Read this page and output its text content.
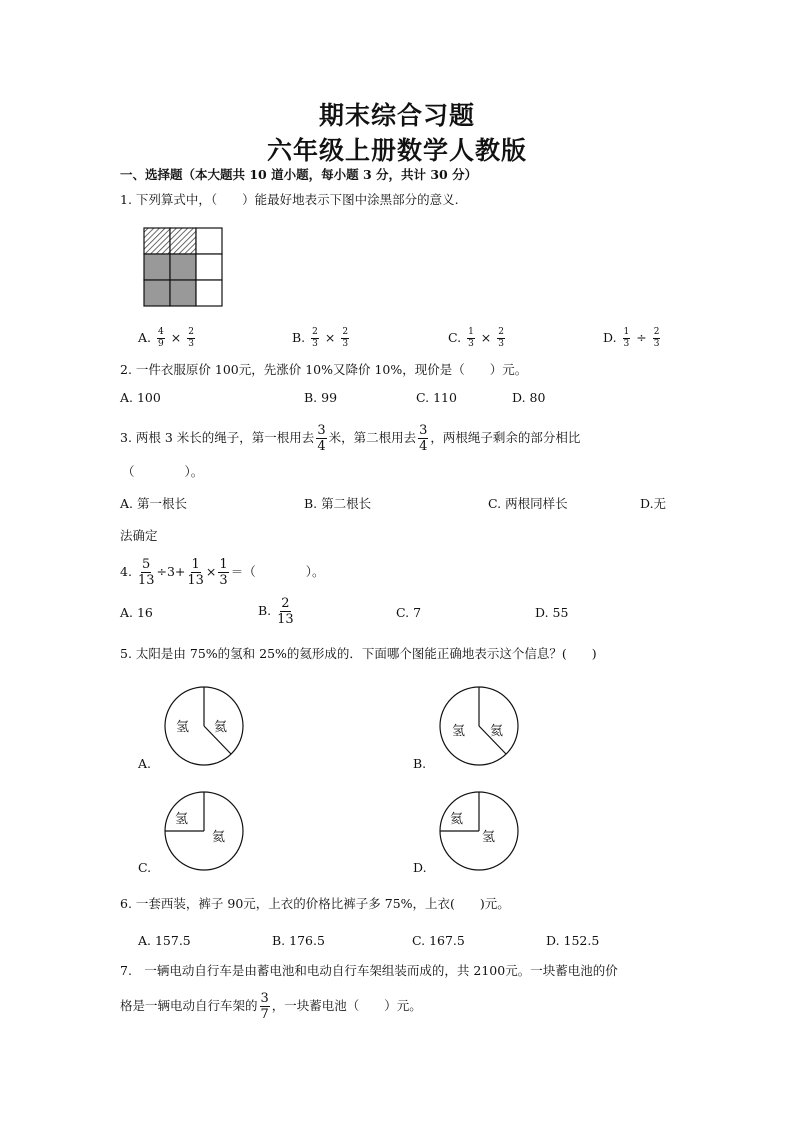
期末综合习题
六年级上册数学人教版
一、选择题（本大题共 10 道小题，每小题 3 分，共计 30 分）
1. 下列算式中，（　　）能最好地表示下图中涂黑部分的意义.
A. $\frac{4}{9} \times \frac{2}{3}$	B. $\frac{2}{3} \times \frac{2}{3}$	C. $\frac{1}{3} \times \frac{2}{3}$	D. $\frac{1}{3} \div \frac{2}{3}$
2. 一件衣服原价 100元，先涨价 10%又降价 10%，现价是（　　）元。
A. 100	B. 99	C. 110	D. 80
3. 两根 3 米长的绳子，第一根用去 $\frac{3}{4}$ 米，第二根用去 $\frac{3}{4}$ ，两根绳子剩余的部分相比
（　　　　）。
A. 第一根长	B. 第二根长	C. 两根同样长	D.无
法确定
4. $\frac{5}{13} \div 3+ \frac{1}{13} \times \frac{1}{3}$ ＝（　　　　）。
A. 16	B. $\frac{2}{13}$	C. 7	D. 55
5. 太阳是由 75%的氢和 25%的氦形成的．下面哪个图能正确地表示这个信息？(　　)
氢 氦
A.
氢 氦
B.
氢
氦
C.
氦
氢
D.
6. 一套西装，裤子 90元，上衣的价格比裤子多 75%，上衣(　　)元。
A. 157.5	B. 176.5	C. 167.5	D. 152.5
7.　一辆电动自行车是由蓄电池和电动自行车架组装而成的，共 2100元。一块蓄电池的价
格是一辆电动自行车架的 $\frac{3}{7}$ ，一块蓄电池（　　）元。
